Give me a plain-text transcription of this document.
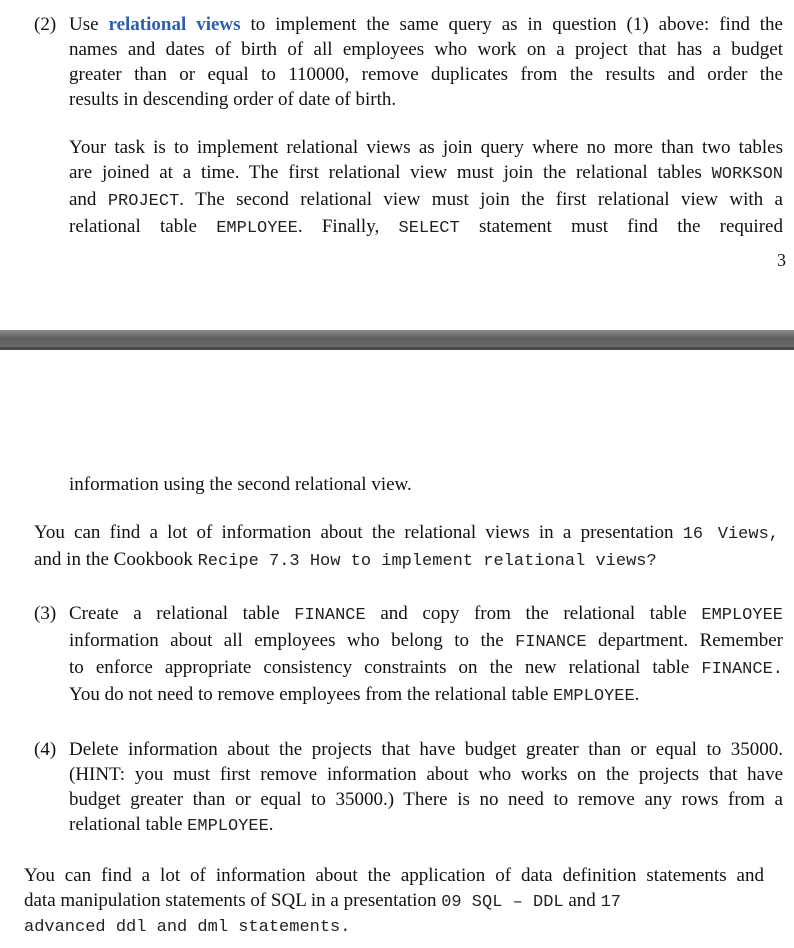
(2) Use relational views to implement the same query as in question (1) above: find the
names and dates of birth of all employees who work on a project that has a budget
greater than or equal to 110000, remove duplicates from the results and order the
results in descending order of date of birth.
Your task is to implement relational views as join query where no more than two tables
are joined at a time. The first relational view must join the relational tables WORKSON
and PROJECT. The second relational view must join the first relational view with a
relational table EMPLOYEE. Finally, SELECT statement must find the required
3
information using the second relational view.
You can find a lot of information about the relational views in a presentation 16 Views,
and in the Cookbook Recipe 7.3 How to implement relational views?
(3) Create a relational table FINANCE and copy from the relational table EMPLOYEE
information about all employees who belong to the FINANCE department. Remember
to enforce appropriate consistency constraints on the new relational table FINANCE.
You do not need to remove employees from the relational table EMPLOYEE.
(4) Delete information about the projects that have budget greater than or equal to 35000.
(HINT: you must first remove information about who works on the projects that have
budget greater than or equal to 35000.) There is no need to remove any rows from a
relational table EMPLOYEE.
You can find a lot of information about the application of data definition statements and
data manipulation statements of SQL in a presentation 09 SQL – DDL and 17
advanced ddl and dml statements.
